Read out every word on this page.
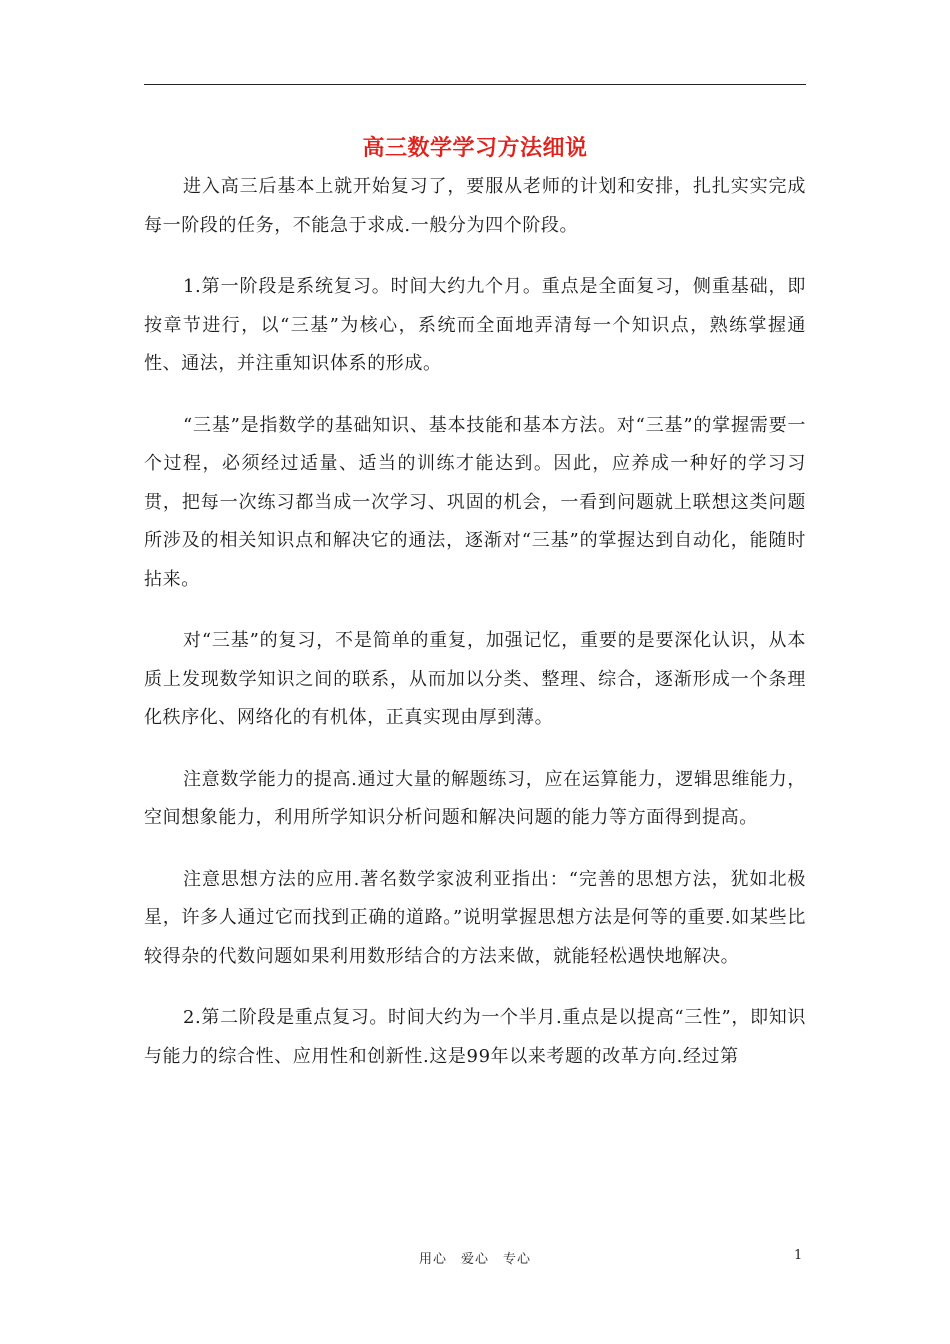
高三数学学习方法细说

进入高三后基本上就开始复习了，要服从老师的计划和安排，扎扎实实完成每一阶段的任务，不能急于求成.一般分为四个阶段。

1.第一阶段是系统复习。时间大约九个月。重点是全面复习，侧重基础，即按章节进行，以“三基”为核心，系统而全面地弄清每一个知识点，熟练掌握通性、通法，并注重知识体系的形成。

“三基”是指数学的基础知识、基本技能和基本方法。对“三基”的掌握需要一个过程，必须经过适量、适当的训练才能达到。因此，应养成一种好的学习习贯，把每一次练习都当成一次学习、巩固的机会，一看到问题就上联想这类问题所涉及的相关知识点和解决它的通法，逐渐对“三基”的掌握达到自动化，能随时拈来。

对“三基”的复习，不是简单的重复，加强记忆，重要的是要深化认识，从本质上发现数学知识之间的联系，从而加以分类、整理、综合，逐渐形成一个条理化秩序化、网络化的有机体，正真实现由厚到薄。

注意数学能力的提高.通过大量的解题练习，应在运算能力，逻辑思维能力，空间想象能力，利用所学知识分析问题和解决问题的能力等方面得到提高。

注意思想方法的应用.著名数学家波利亚指出：“完善的思想方法，犹如北极星，许多人通过它而找到正确的道路。”说明掌握思想方法是何等的重要.如某些比较得杂的代数问题如果利用数形结合的方法来做，就能轻松遇快地解决。

2.第二阶段是重点复习。时间大约为一个半月.重点是以提高“三性”，即知识与能力的综合性、应用性和创新性.这是99年以来考题的改革方向.经过第

用心　爱心　专心	1
